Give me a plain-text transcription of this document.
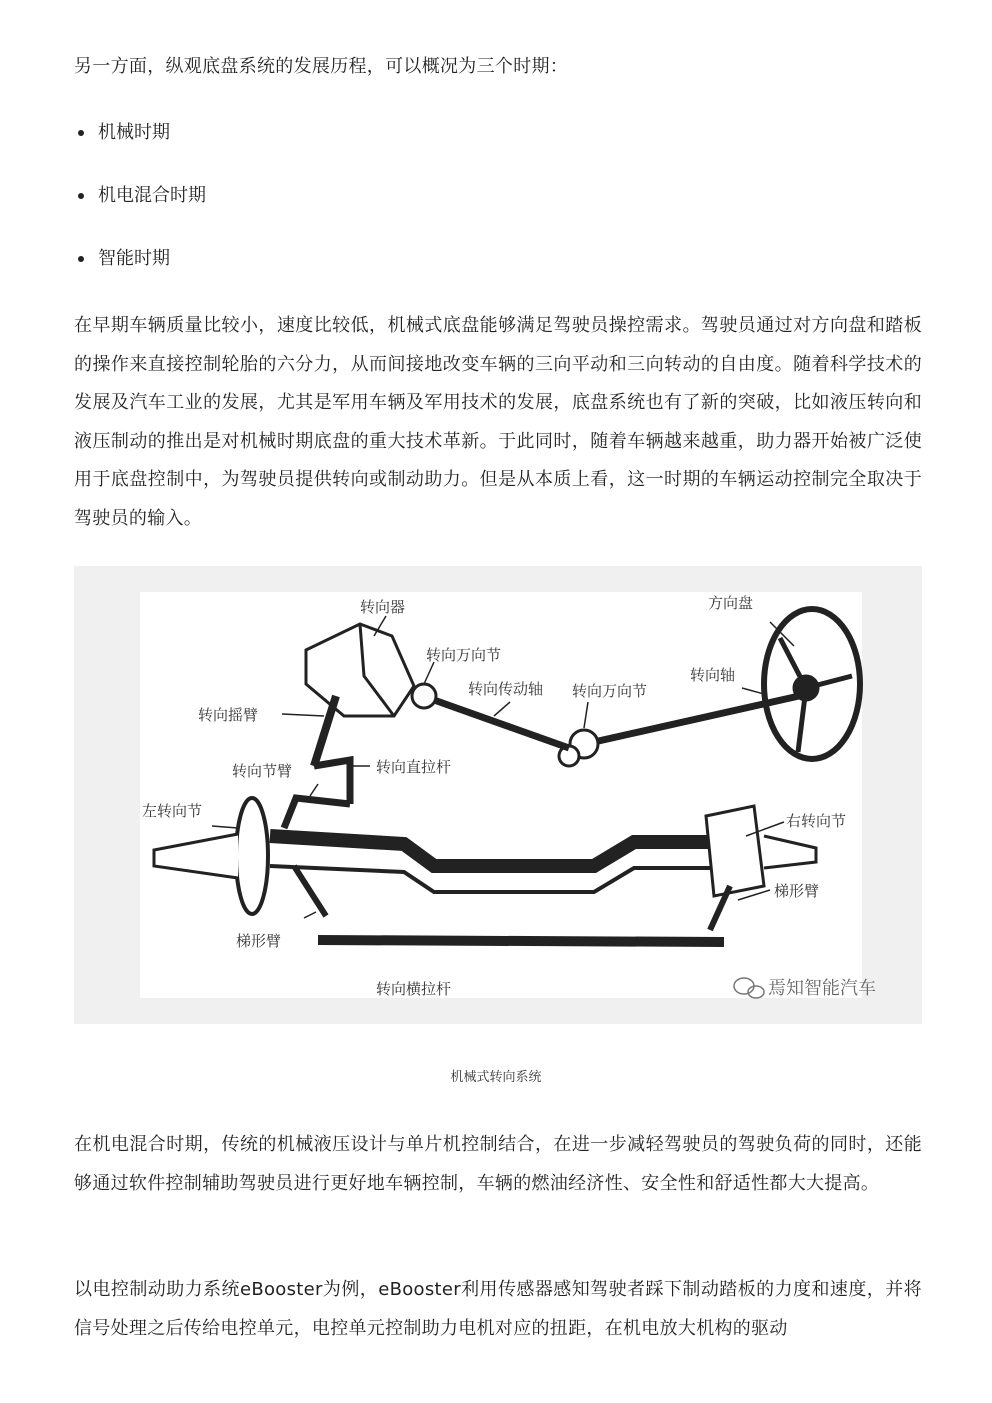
另一方面，纵观底盘系统的发展历程，可以概况为三个时期：
机械时期
机电混合时期
智能时期
在早期车辆质量比较小，速度比较低，机械式底盘能够满足驾驶员操控需求。驾驶员通过对方向盘和踏板的操作来直接控制轮胎的六分力，从而间接地改变车辆的三向平动和三向转动的自由度。随着科学技术的发展及汽车工业的发展，尤其是军用车辆及军用技术的发展，底盘系统也有了新的突破，比如液压转向和液压制动的推出是对机械时期底盘的重大技术革新。于此同时，随着车辆越来越重，助力器开始被广泛使用于底盘控制中，为驾驶员提供转向或制动助力。但是从本质上看，这一时期的车辆运动控制完全取决于驾驶员的输入。
转向器
转向万向节
转向传动轴 转向万向节
方向盘
转向轴
转向摇臂
转向直拉杆
转向节臂
左转向节
右转向节
梯形臂
梯形臂
转向横拉杆	焉知智能汽车
机械式转向系统
在机电混合时期，传统的机械液压设计与单片机控制结合，在进一步减轻驾驶员的驾驶负荷的同时，还能够通过软件控制辅助驾驶员进行更好地车辆控制，车辆的燃油经济性、安全性和舒适性都大大提高。
以电控制动助力系统eBooster为例，eBooster利用传感器感知驾驶者踩下制动踏板的力度和速度，并将信号处理之后传给电控单元，电控单元控制助力电机对应的扭距，在机电放大机构的驱动
